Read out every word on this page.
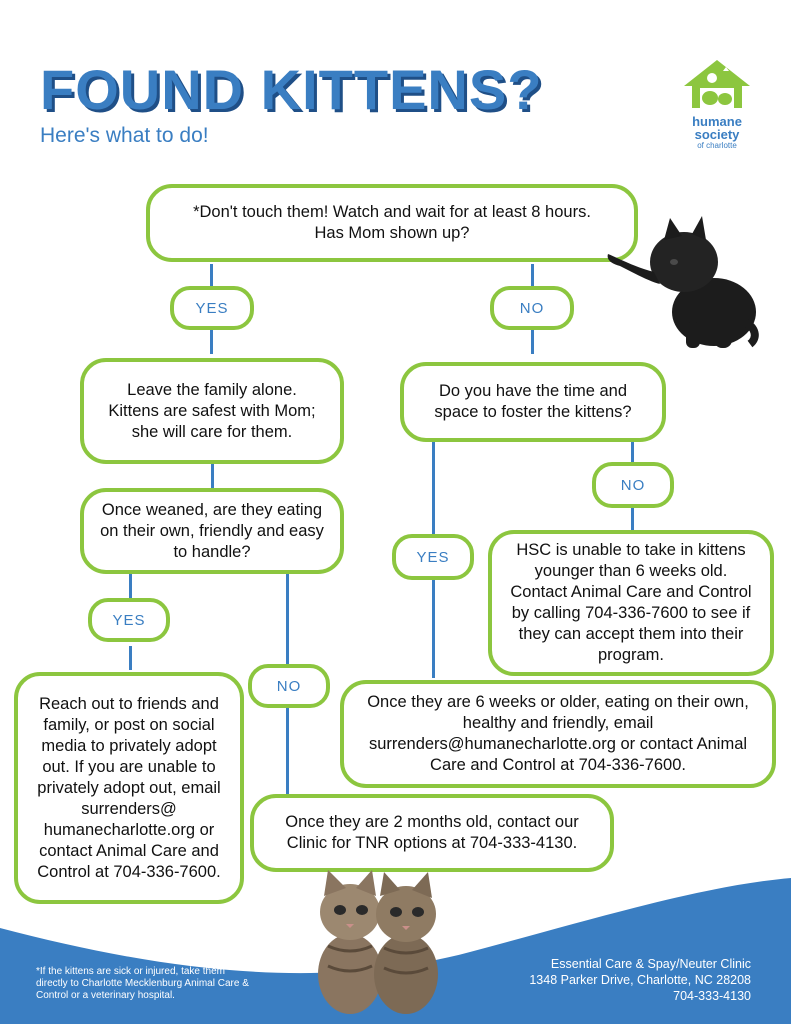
FOUND KITTENS?

Here's what to do!

humane
society
of charlotte
*Don't touch them! Watch and wait for at least 8 hours. Has Mom shown up?
Leave the family alone. Kittens are safest with Mom; she will care for them.
Once weaned, are they eating on their own, friendly and easy to handle?
Do you have the time and space to foster the kittens?
HSC is unable to take in kittens younger than 6 weeks old. Contact Animal Care and Control by calling 704-336-7600 to see if they can accept them into their program.
Reach out to friends and family, or post on social media to privately adopt out. If you are unable to privately adopt out, email surrenders@ humanecharlotte.org or contact Animal Care and Control at 704-336-7600.
Once they are 6 weeks or older, eating on their own, healthy and friendly, email surrenders@humanecharlotte.org or contact Animal Care and Control at 704-336-7600.
Once they are 2 months old, contact our Clinic for TNR options at 704-333-4130.
YES	NO
YES
NO
YES
NO

*If the kittens are sick or injured, take them directly to Charlotte Mecklenburg Animal Care & Control or a veterinary hospital.

Essential Care & Spay/Neuter Clinic
1348 Parker Drive, Charlotte, NC 28208
704-333-4130
